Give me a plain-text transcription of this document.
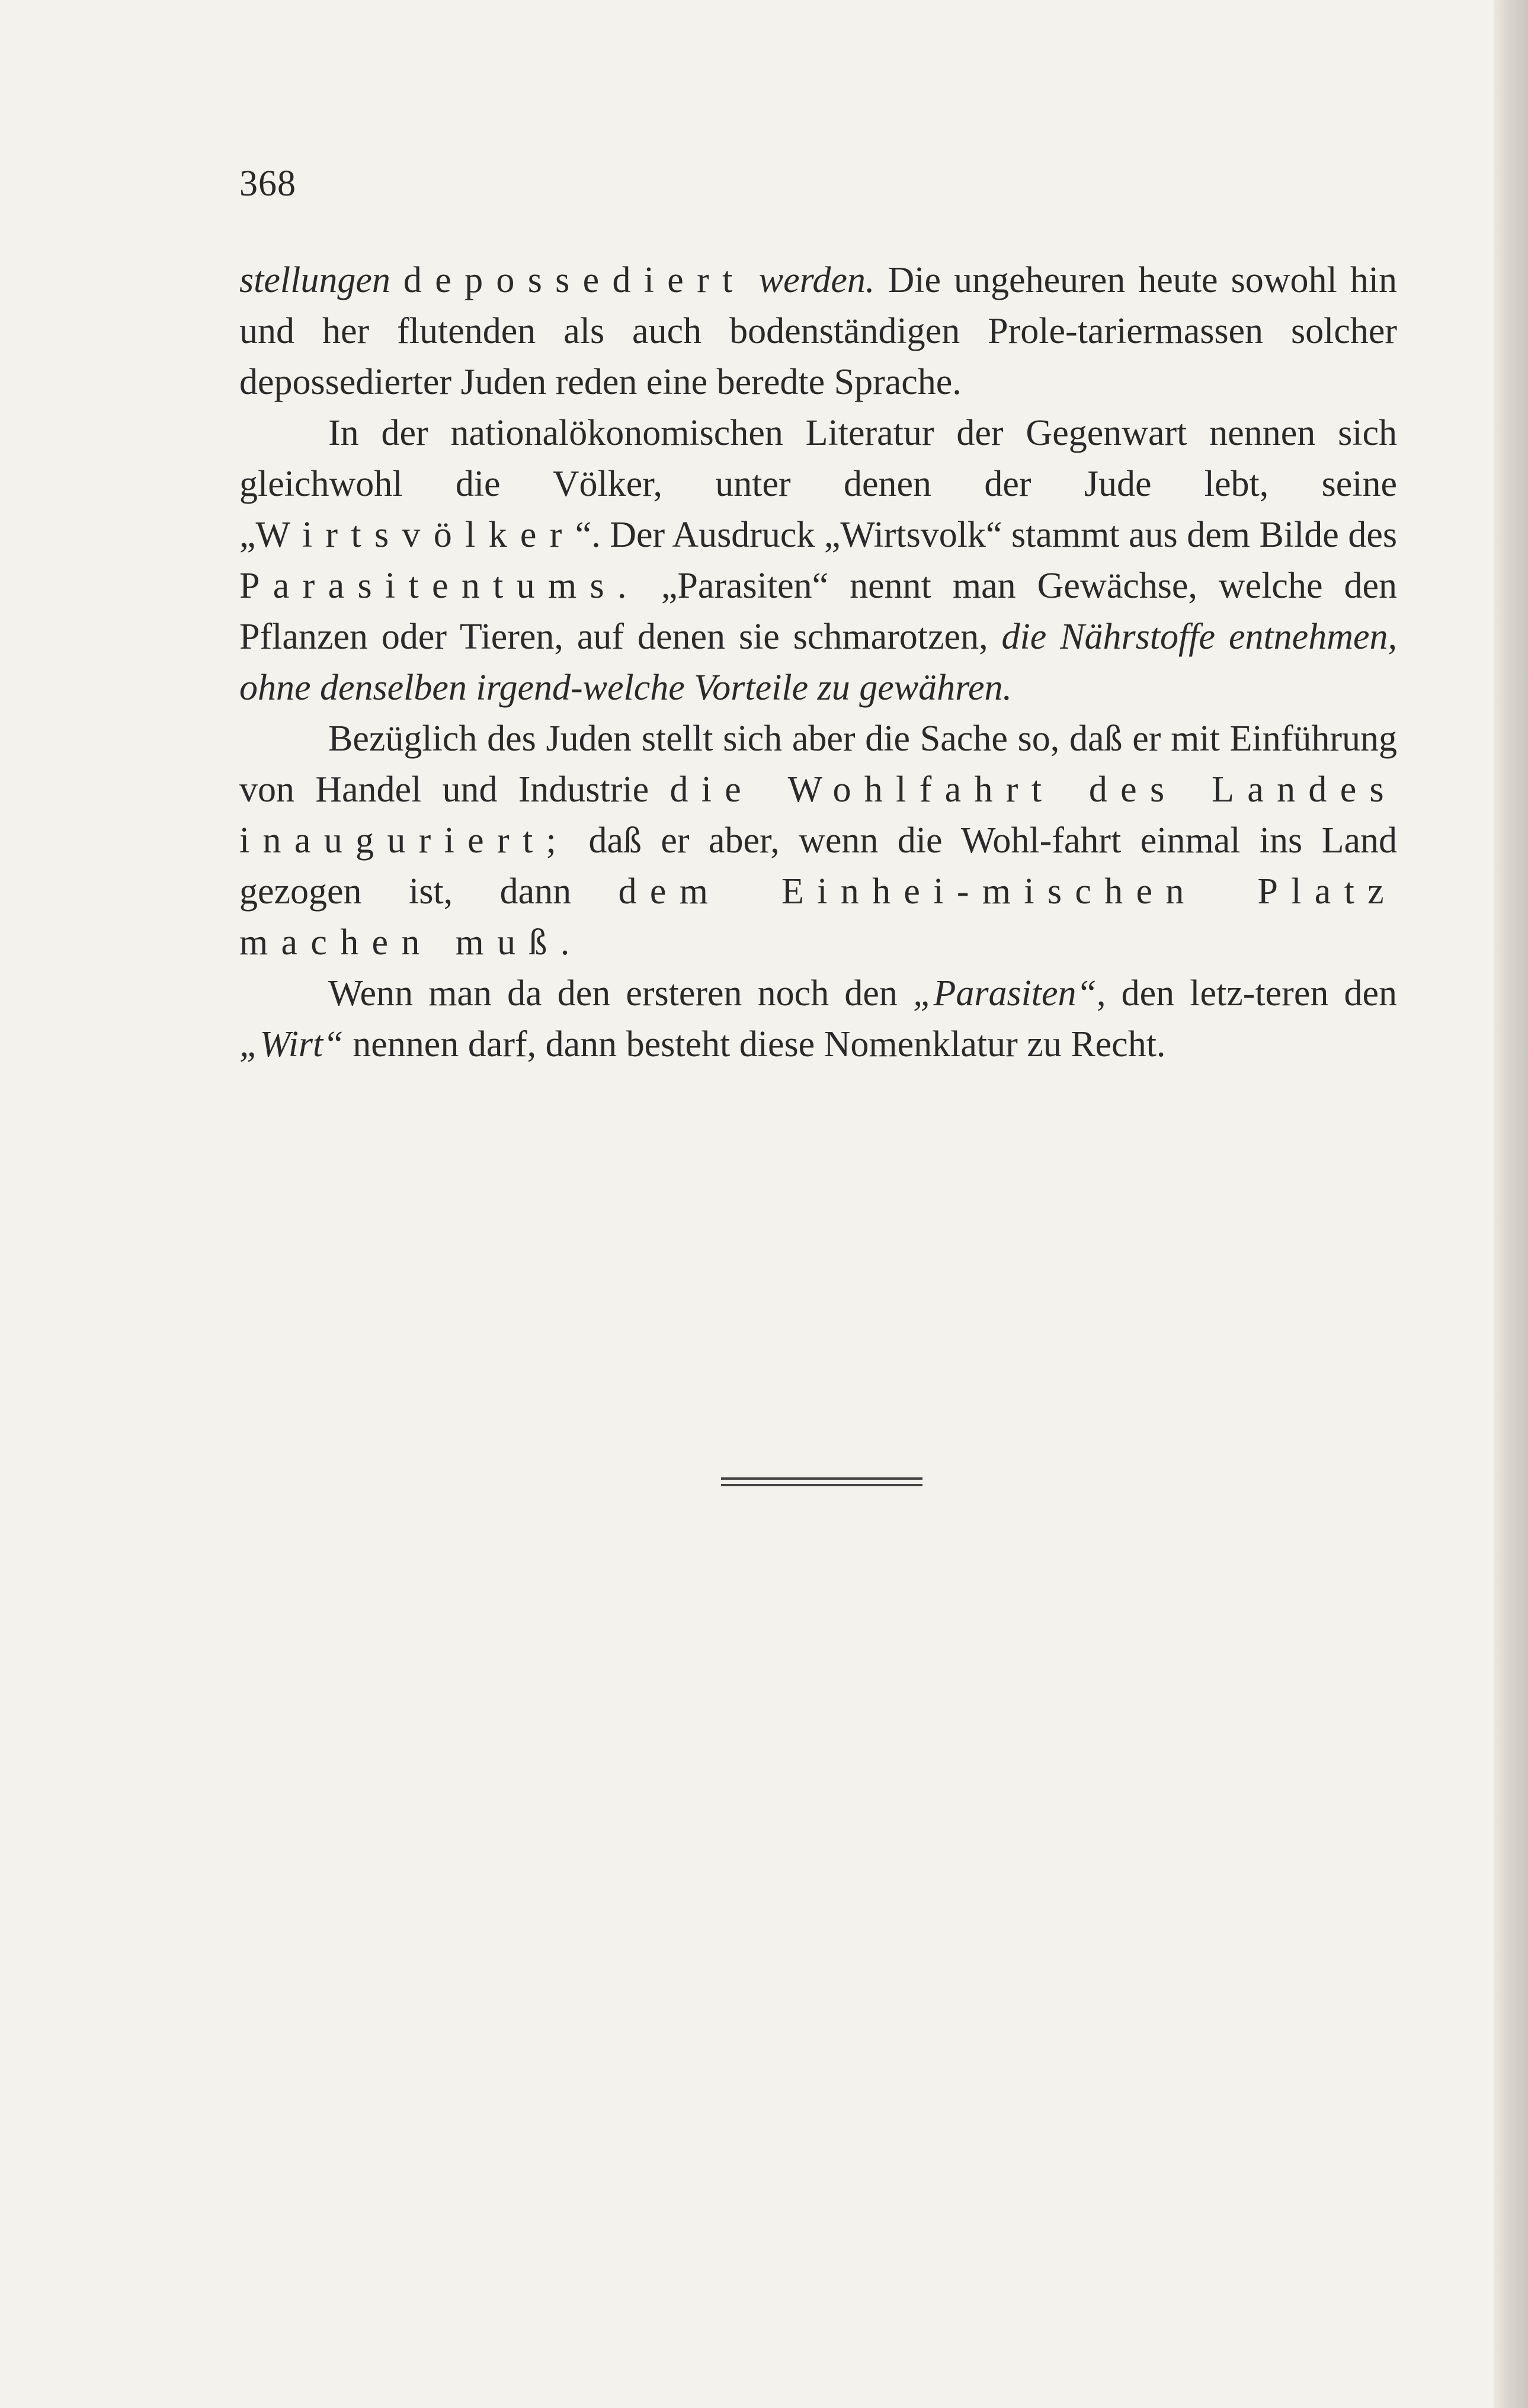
368

stellungen depossediert werden. Die ungeheuren heute sowohl hin und her flutenden als auch bodenständigen Prole-tariermassen solcher depossedierter Juden reden eine beredte Sprache.

In der nationalökonomischen Literatur der Gegenwart nennen sich gleichwohl die Völker, unter denen der Jude lebt, seine „Wirtsvölker“. Der Ausdruck „Wirtsvolk“ stammt aus dem Bilde des Parasitentums. „Parasiten“ nennt man Gewächse, welche den Pflanzen oder Tieren, auf denen sie schmarotzen, die Nährstoffe entnehmen, ohne denselben irgend-welche Vorteile zu gewähren.

Bezüglich des Juden stellt sich aber die Sache so, daß er mit Einführung von Handel und Industrie die Wohlfahrt des Landes inauguriert; daß er aber, wenn die Wohl-fahrt einmal ins Land gezogen ist, dann dem Einhei-mischen Platz machen muß.

Wenn man da den ersteren noch den „Parasiten“, den letz-teren den „Wirt“ nennen darf, dann besteht diese Nomenklatur zu Recht.
